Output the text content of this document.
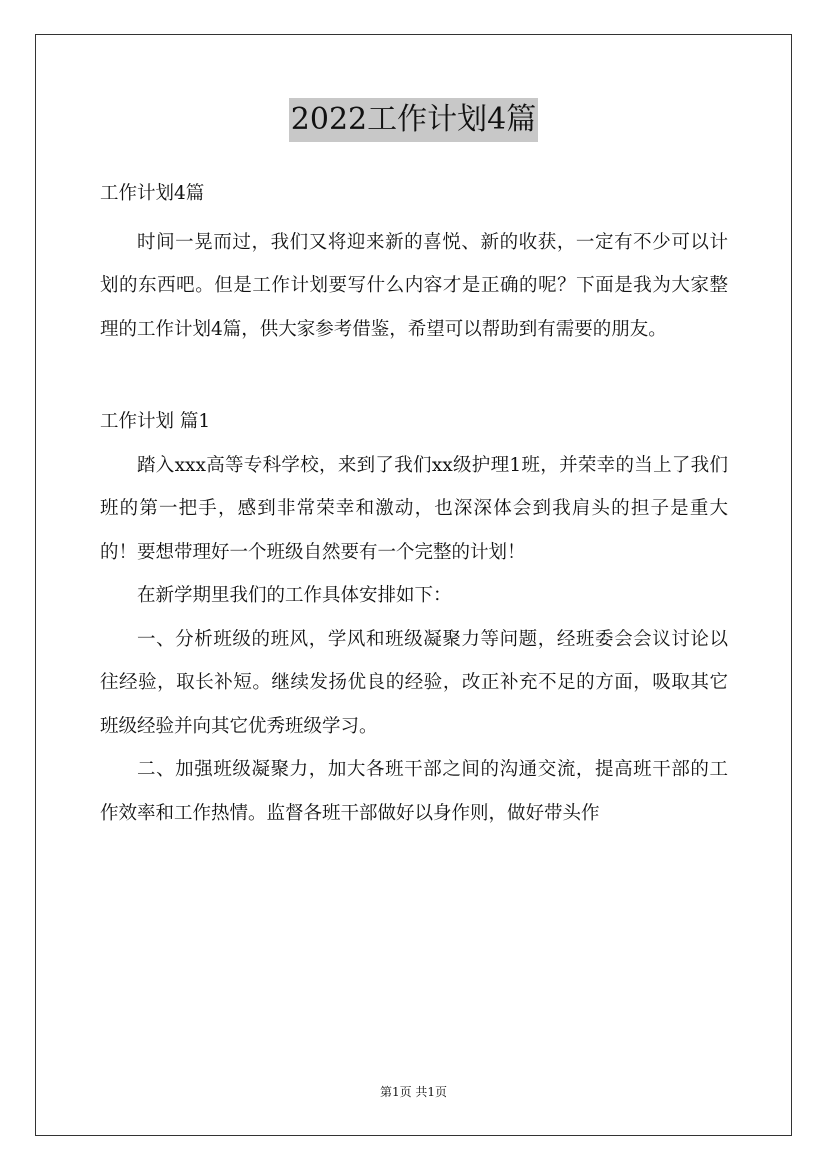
2022工作计划4篇

工作计划4篇

时间一晃而过，我们又将迎来新的喜悦、新的收获，一定有不少可以计划的东西吧。但是工作计划要写什么内容才是正确的呢？下面是我为大家整理的工作计划4篇，供大家参考借鉴，希望可以帮助到有需要的朋友。

工作计划 篇1

踏入xxx高等专科学校，来到了我们xx级护理1班，并荣幸的当上了我们班的第一把手，感到非常荣幸和激动，也深深体会到我肩头的担子是重大的！要想带理好一个班级自然要有一个完整的计划！

在新学期里我们的工作具体安排如下：

一、分析班级的班风，学风和班级凝聚力等问题，经班委会会议讨论以往经验，取长补短。继续发扬优良的经验，改正补充不足的方面，吸取其它班级经验并向其它优秀班级学习。

二、加强班级凝聚力，加大各班干部之间的沟通交流，提高班干部的工作效率和工作热情。监督各班干部做好以身作则，做好带头作

第1页 共1页
